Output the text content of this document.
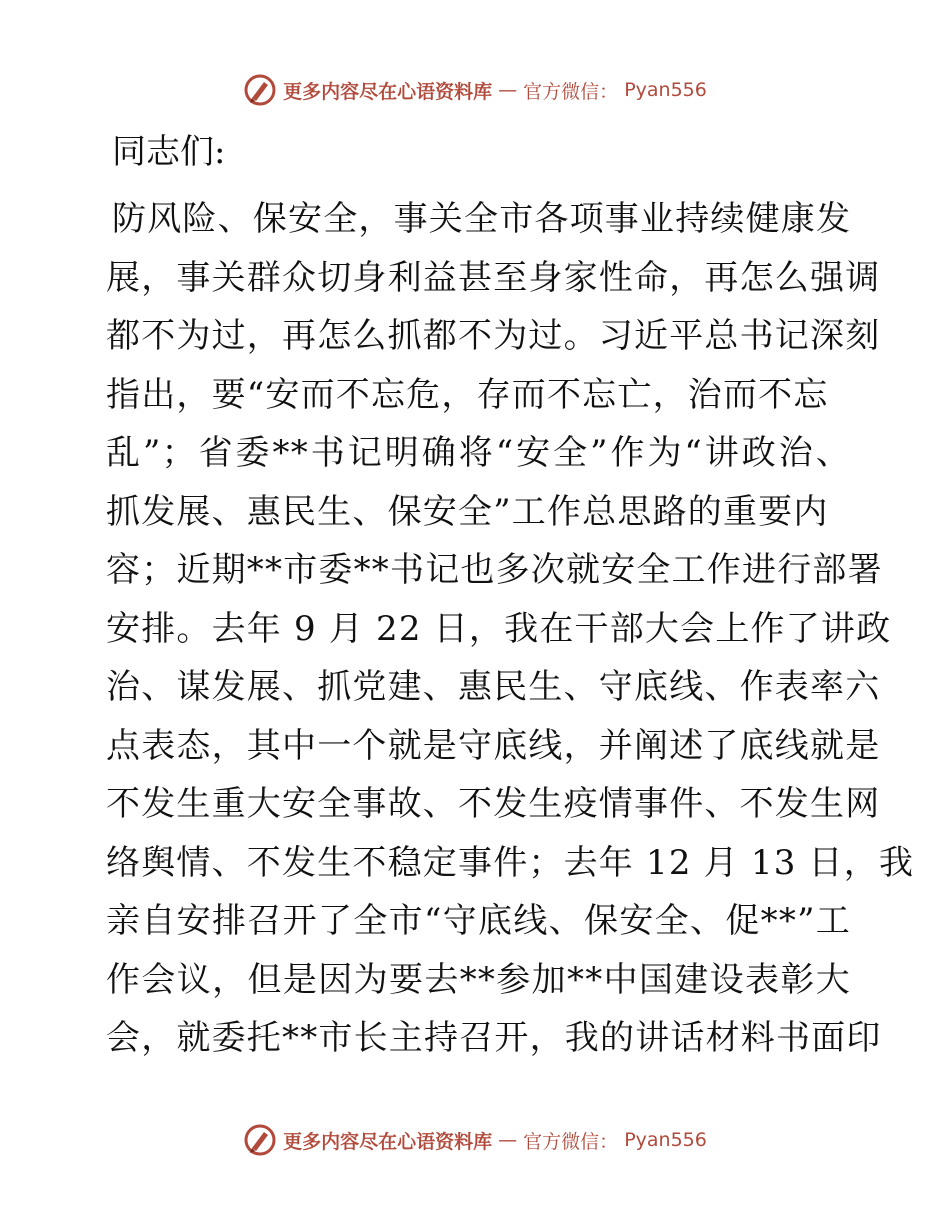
更多内容尽在心语资料库 — 官方微信： Pyan556
同志们:
防风险、保安全，事关全市各项事业持续健康发
展，事关群众切身利益甚至身家性命，再怎么强调
都不为过，再怎么抓都不为过。习近平总书记深刻
指出，要“安而不忘危，存而不忘亡，治而不忘
乱”；省委**书记明确将“安全”作为“讲政治、
抓发展、惠民生、保安全”工作总思路的重要内
容；近期**市委**书记也多次就安全工作进行部署
安排。去年 9 月 22 日，我在干部大会上作了讲政
治、谋发展、抓党建、惠民生、守底线、作表率六
点表态，其中一个就是守底线，并阐述了底线就是
不发生重大安全事故、不发生疫情事件、不发生网
络舆情、不发生不稳定事件；去年 12 月 13 日，我
亲自安排召开了全市“守底线、保安全、促**”工
作会议，但是因为要去**参加**中国建设表彰大
会，就委托**市长主持召开，我的讲话材料书面印
更多内容尽在心语资料库 — 官方微信： Pyan556
